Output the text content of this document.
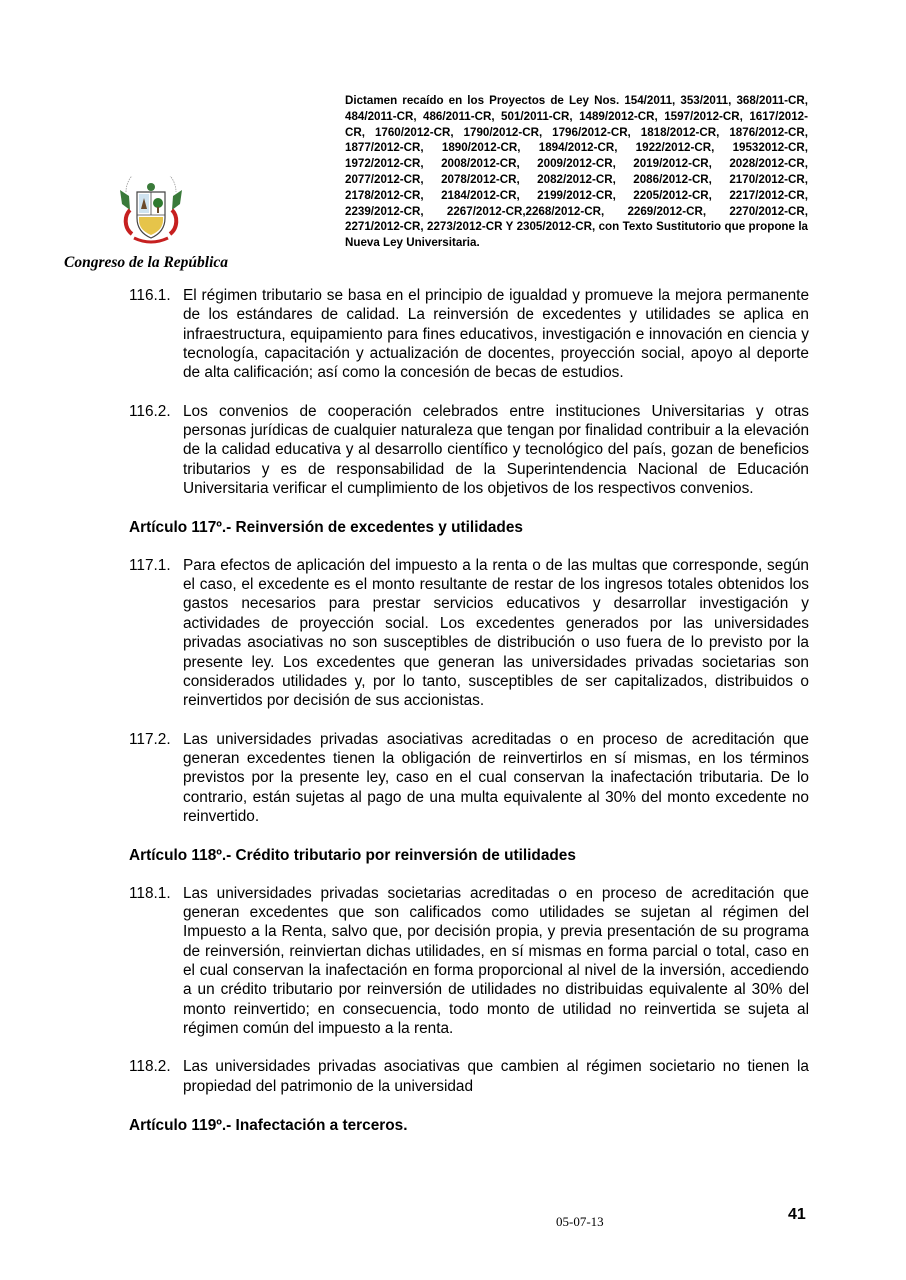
Dictamen recaído en los Proyectos de Ley Nos. 154/2011, 353/2011, 368/2011-CR, 484/2011-CR, 486/2011-CR, 501/2011-CR, 1489/2012-CR, 1597/2012-CR, 1617/2012-CR, 1760/2012-CR, 1790/2012-CR, 1796/2012-CR, 1818/2012-CR, 1876/2012-CR, 1877/2012-CR, 1890/2012-CR, 1894/2012-CR, 1922/2012-CR, 19532012-CR, 1972/2012-CR, 2008/2012-CR, 2009/2012-CR, 2019/2012-CR, 2028/2012-CR, 2077/2012-CR, 2078/2012-CR, 2082/2012-CR, 2086/2012-CR, 2170/2012-CR, 2178/2012-CR, 2184/2012-CR, 2199/2012-CR, 2205/2012-CR, 2217/2012-CR, 2239/2012-CR, 2267/2012-CR,2268/2012-CR, 2269/2012-CR, 2270/2012-CR, 2271/2012-CR, 2273/2012-CR Y 2305/2012-CR, con Texto Sustitutorio que propone la Nueva Ley Universitaria.
Congreso de la República
116.1. El régimen tributario se basa en el principio de igualdad y promueve la mejora permanente de los estándares de calidad. La reinversión de excedentes y utilidades se aplica en infraestructura, equipamiento para fines educativos, investigación e innovación en ciencia y tecnología, capacitación y actualización de docentes, proyección social, apoyo al deporte de alta calificación; así como la concesión de becas de estudios.
116.2. Los convenios de cooperación celebrados entre instituciones Universitarias y otras personas jurídicas de cualquier naturaleza que tengan por finalidad contribuir a la elevación de la calidad educativa y al desarrollo científico y tecnológico del país, gozan de beneficios tributarios y es de responsabilidad de la Superintendencia Nacional de Educación Universitaria verificar el cumplimiento de los objetivos de los respectivos convenios.
Artículo 117º.- Reinversión de excedentes y utilidades
117.1. Para efectos de aplicación del impuesto a la renta o de las multas que corresponde, según el caso, el excedente es el monto resultante de restar de los ingresos totales obtenidos los gastos necesarios para prestar servicios educativos y desarrollar investigación y actividades de proyección social. Los excedentes generados por las universidades privadas asociativas no son susceptibles de distribución o uso fuera de lo previsto por la presente ley. Los excedentes que generan las universidades privadas societarias son considerados utilidades y, por lo tanto, susceptibles de ser capitalizados, distribuidos o reinvertidos por decisión de sus accionistas.
117.2. Las universidades privadas asociativas acreditadas o en proceso de acreditación que generan excedentes tienen la obligación de reinvertirlos en sí mismas, en los términos previstos por la presente ley, caso en el cual conservan la inafectación tributaria. De lo contrario, están sujetas al pago de una multa equivalente al 30% del monto excedente no reinvertido.
Artículo 118º.- Crédito tributario por reinversión de utilidades
118.1. Las universidades privadas societarias acreditadas o en proceso de acreditación que generan excedentes que son calificados como utilidades se sujetan al régimen del Impuesto a la Renta, salvo que, por decisión propia, y previa presentación de su programa de reinversión, reinviertan dichas utilidades, en sí mismas en forma parcial o total, caso en el cual conservan la inafectación en forma proporcional al nivel de la inversión, accediendo a un crédito tributario por reinversión de utilidades no distribuidas equivalente al 30% del monto reinvertido; en consecuencia, todo monto de utilidad no reinvertida se sujeta al régimen común del impuesto a la renta.
118.2. Las universidades privadas asociativas que cambien al régimen societario no tienen la propiedad del patrimonio de la universidad
Artículo 119º.- Inafectación a terceros.
05-07-13	41
